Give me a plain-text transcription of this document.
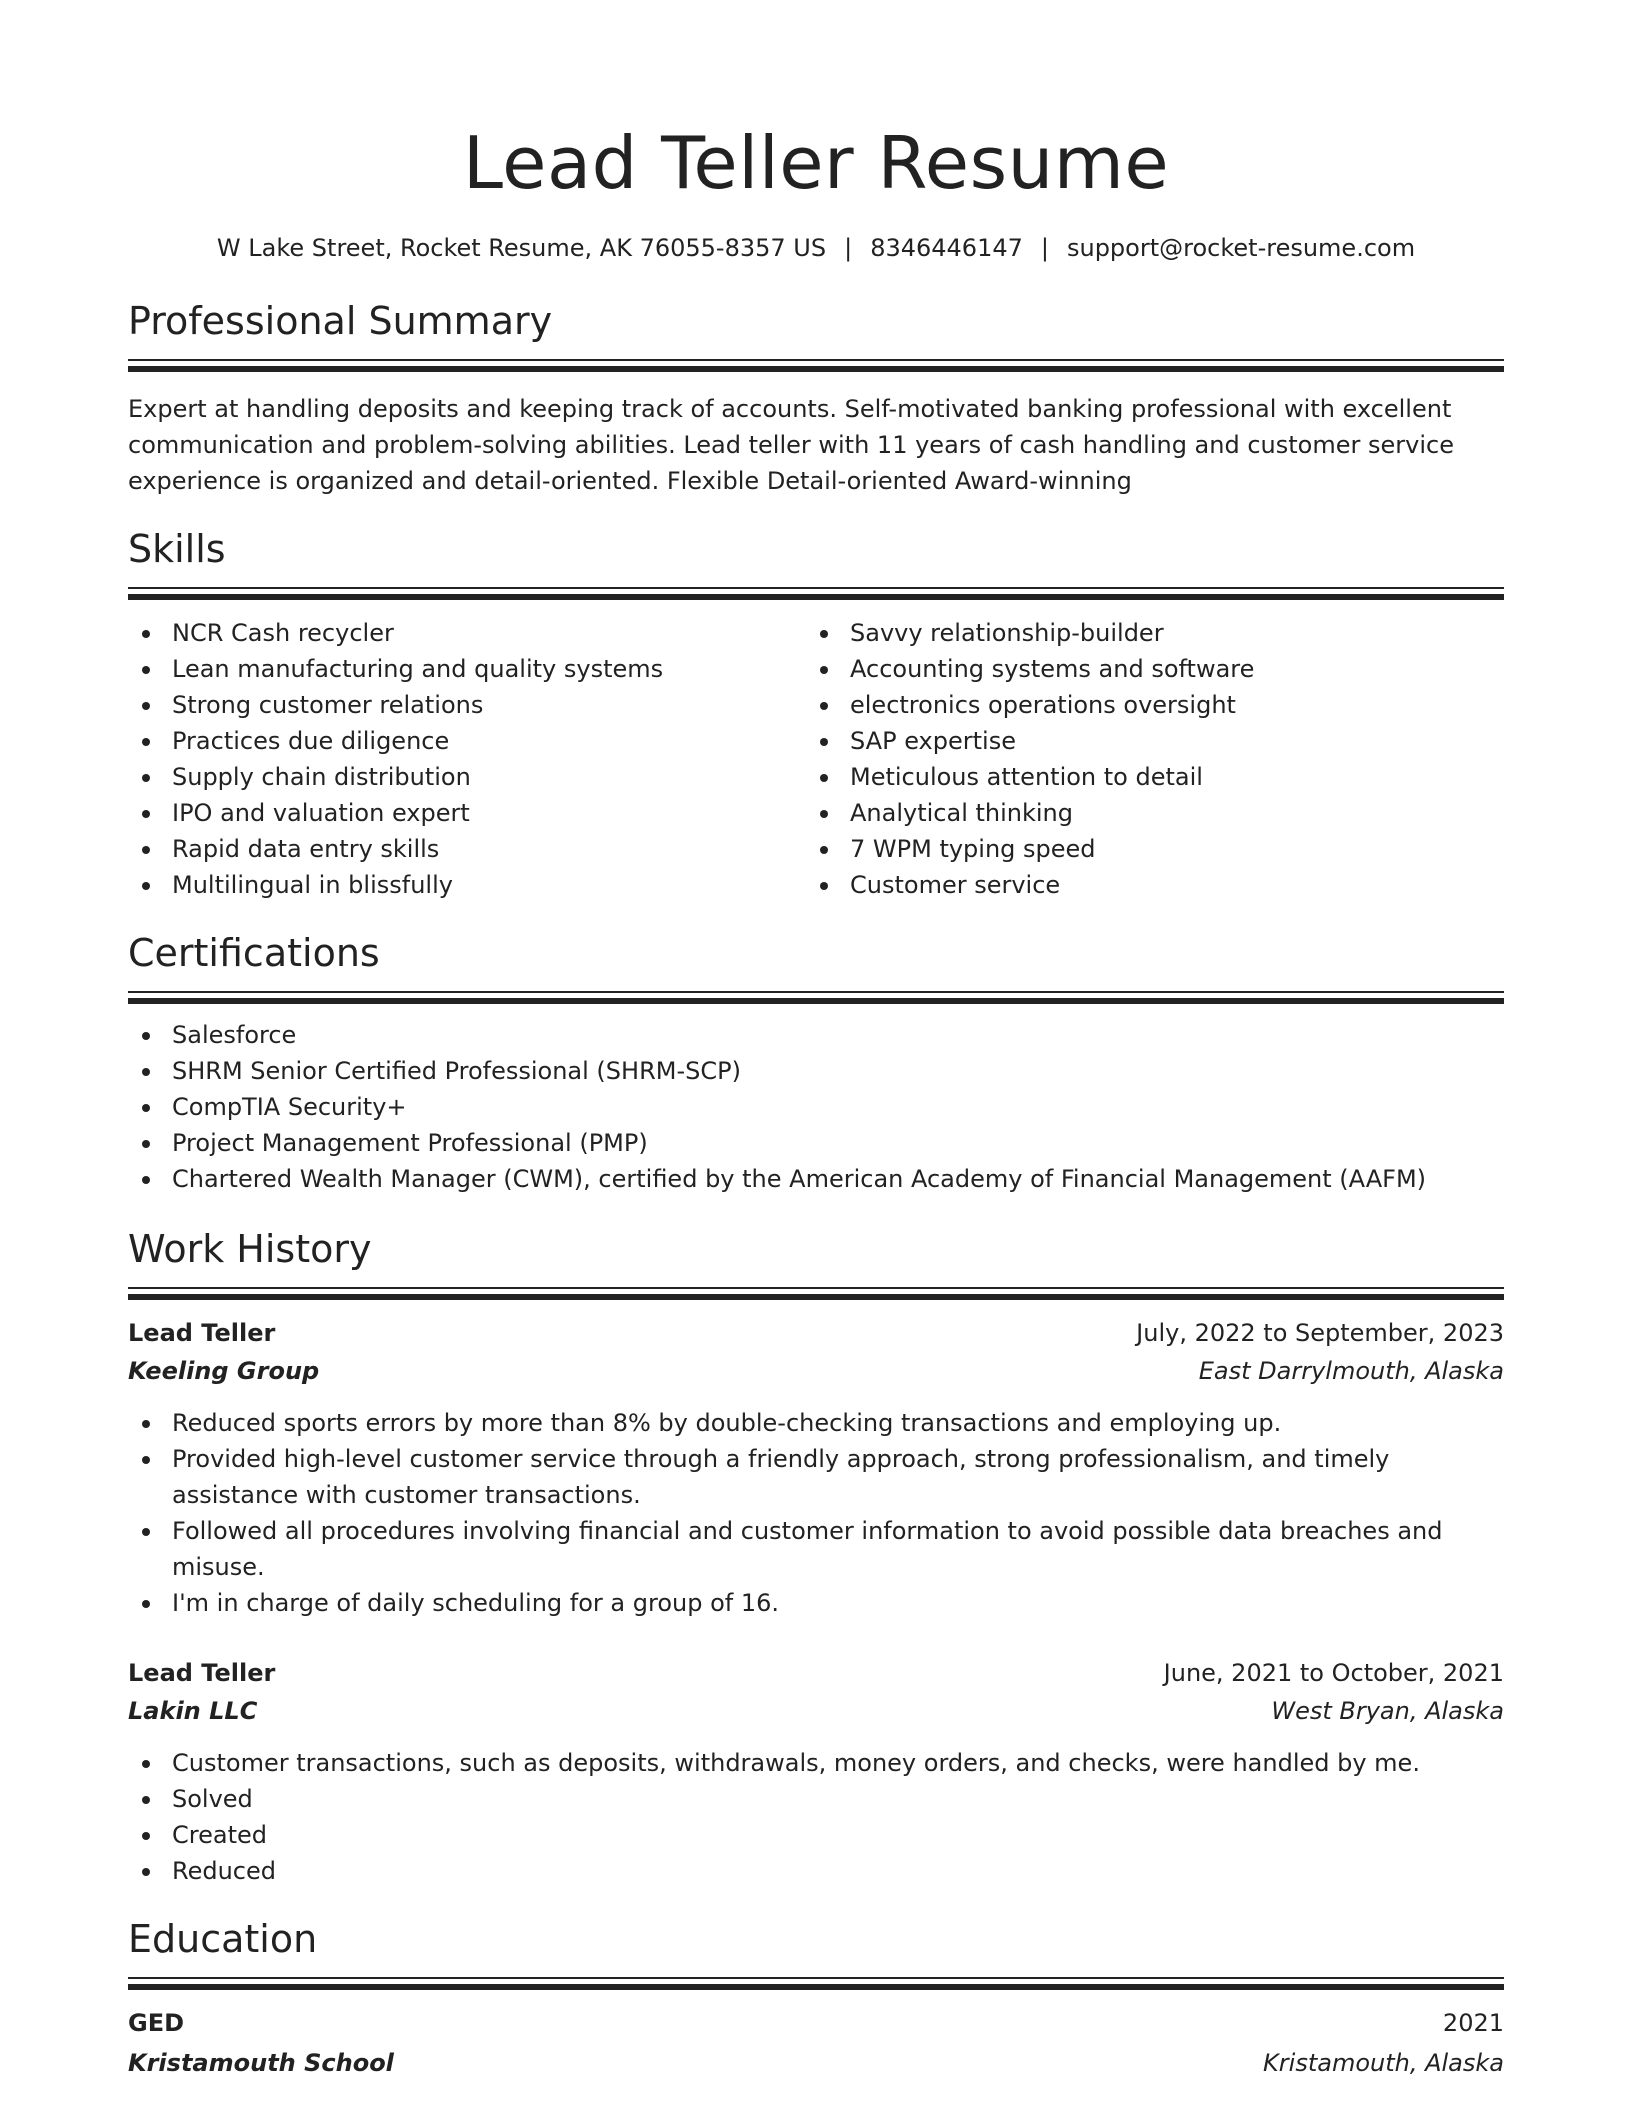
Lead Teller Resume
W Lake Street, Rocket Resume, AK 76055-8357 US | 8346446147 | support@rocket-resume.com
Professional Summary

Expert at handling deposits and keeping track of accounts. Self-motivated banking professional with excellent communication and problem-solving abilities. Lead teller with 11 years of cash handling and customer service experience is organized and detail-oriented. Flexible Detail-oriented Award-winning

Skills
NCR Cash recycler
Lean manufacturing and quality systems
Strong customer relations
Practices due diligence
Supply chain distribution
IPO and valuation expert
Rapid data entry skills
Multilingual in blissfully
Savvy relationship-builder
Accounting systems and software
electronics operations oversight
SAP expertise
Meticulous attention to detail
Analytical thinking
7 WPM typing speed
Customer service
Certifications
Salesforce
SHRM Senior Certified Professional (SHRM-SCP)
CompTIA Security+
Project Management Professional (PMP)
Chartered Wealth Manager (CWM), certified by the American Academy of Financial Management (AAFM)
Work History
Lead Teller	July, 2022 to September, 2023
Keeling Group	East Darrylmouth, Alaska
Reduced sports errors by more than 8% by double-checking transactions and employing up.
Provided high-level customer service through a friendly approach, strong professionalism, and timely assistance with customer transactions.
Followed all procedures involving financial and customer information to avoid possible data breaches and misuse.
I'm in charge of daily scheduling for a group of 16.
Lead Teller	June, 2021 to October, 2021
Lakin LLC	West Bryan, Alaska
Customer transactions, such as deposits, withdrawals, money orders, and checks, were handled by me.
Solved
Created
Reduced
Education
GED	2021
Kristamouth School	Kristamouth, Alaska
